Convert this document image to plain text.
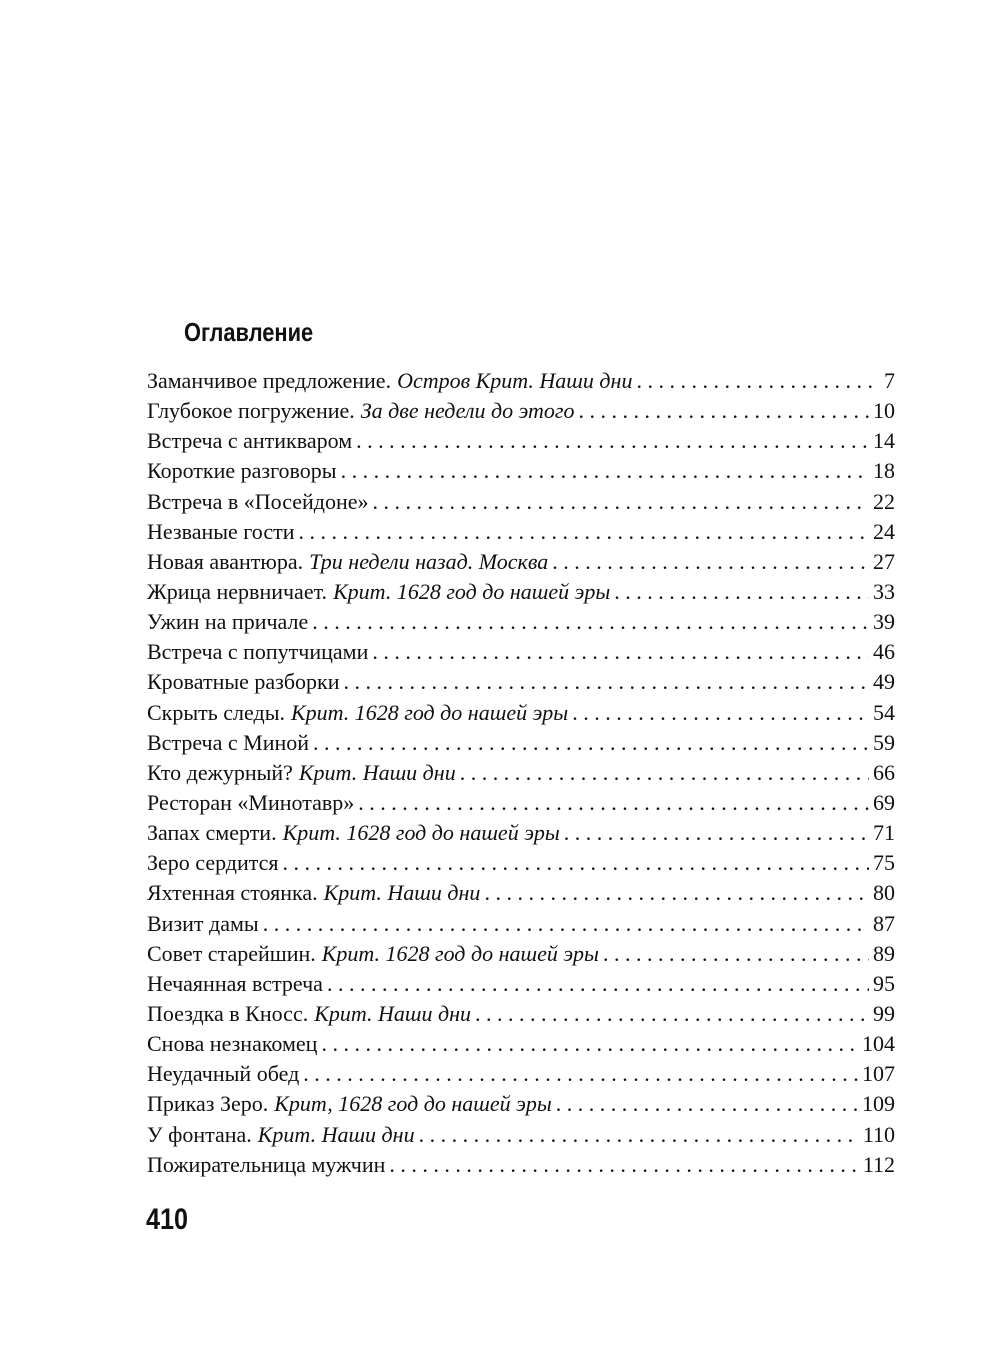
Оглавление
Заманчивое предложение. Остров Крит. Наши дни . . .	7
Глубокое погружение. За две недели до этого . . .	10
Встреча с антикваром . . .	14
Короткие разговоры . . .	18
Встреча в «Посейдоне» . . .	22
Незваные гости . . .	24
Новая авантюра. Три недели назад. Москва . . .	27
Жрица нервничает. Крит. 1628 год до нашей эры . . .	33
Ужин на причале . . .	39
Встреча с попутчицами . . .	46
Кроватные разборки . . .	49
Скрыть следы. Крит. 1628 год до нашей эры . . .	54
Встреча с Миной . . .	59
Кто дежурный? Крит. Наши дни . . .	66
Ресторан «Минотавр» . . .	69
Запах смерти. Крит. 1628 год до нашей эры . . .	71
Зеро сердится . . .	75
Яхтенная стоянка. Крит. Наши дни . . .	80
Визит дамы . . .	87
Совет старейшин. Крит. 1628 год до нашей эры . . .	89
Нечаянная встреча . . .	95
Поездка в Кносс. Крит. Наши дни . . .	99
Снова незнакомец . . .	104
Неудачный обед . . .	107
Приказ Зеро. Крит, 1628 год до нашей эры . . .	109
У фонтана. Крит. Наши дни . . .	110
Пожирательница мужчин . . .	112
410
